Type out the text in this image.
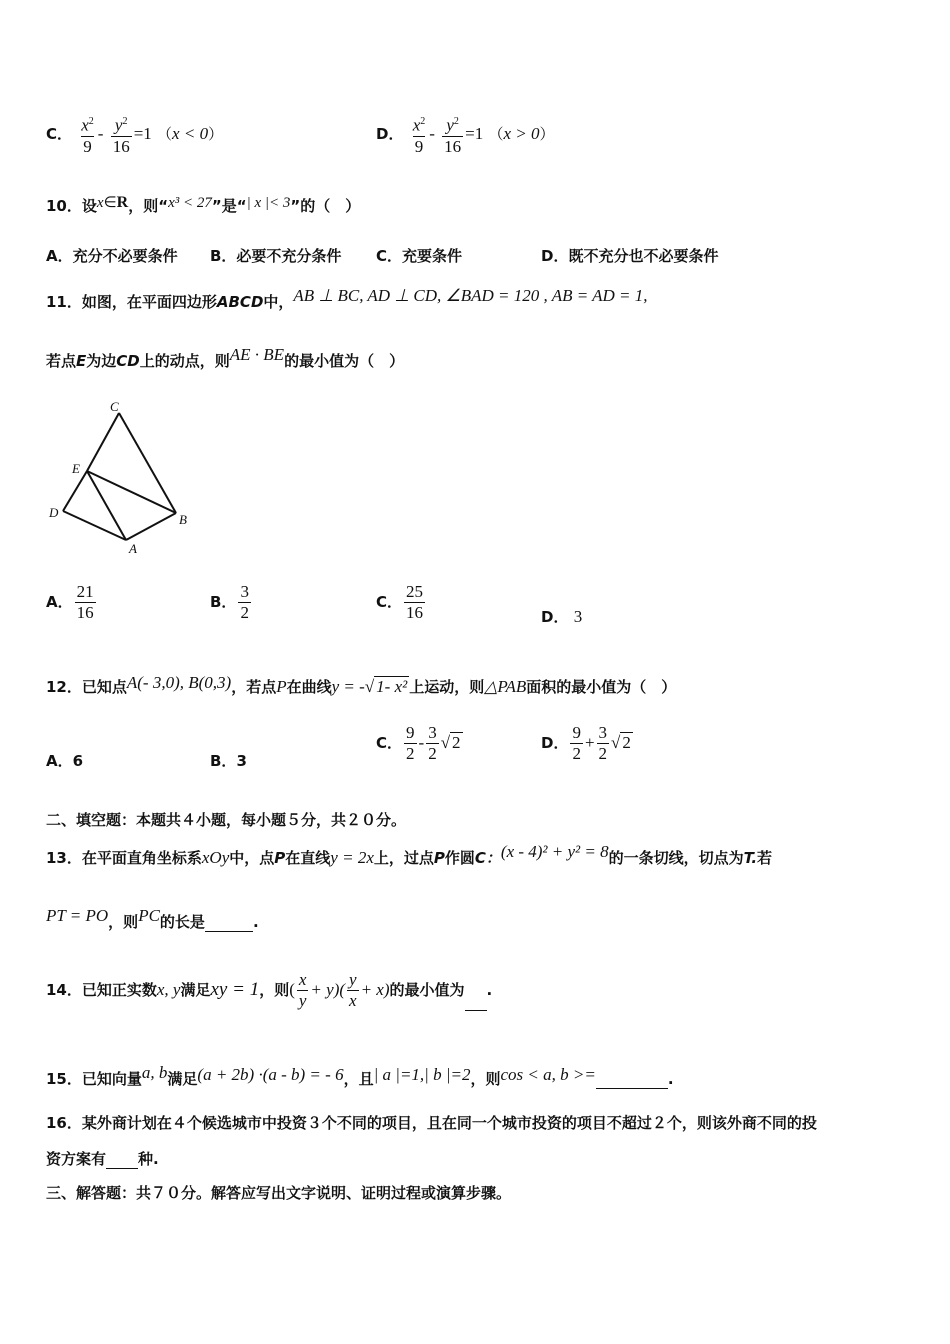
C． $\frac{x^2}{9} - \frac{y^2}{16} =1$ （x < 0）	D． $\frac{x^2}{9} - \frac{y^2}{16} =1$ （x > 0）
10．设x∈R，则“x³ < 27”是“| x |< 3”的（　）
A．充分不必要条件 B．必要不充分条件 C．充要条件	D．既不充分也不必要条件
11．如图，在平面四边形ABCD中，AB ⊥ BC, AD ⊥ CD, ∠BAD = 120 , AB = AD = 1,
若点E为边CD上的动点，则AE · BE的最小值为（　）
C
E
D	B
A
A． $\frac{21}{16}$	B． $\frac{3}{2}$	C． $\frac{25}{16}$	D． 3
12．已知点A(- 3,0), B(0,3)，若点P在曲线y = -√ 1- x² 上运动，则△PAB面积的最小值为（　）
A．6	B．3
C． $\frac{9}{2} - \frac{3}{2}$ √ 2	D． $\frac{9}{2} + \frac{3}{2}$ √ 2
二、填空题：本题共４小题，每小题５分，共２０分。
13．在平面直角坐标系xOy中，点P在直线y = 2x上，过点P作圆C：(x - 4)² + y² = 8的一条切线，切点为T.若
PT = PO，则PC的长是	.
14．已知正实数x, y满足xy = 1，则( $\frac{x}{y} + y)( \frac{y}{x} + x)$的最小值为 .
15．已知向量a, b满足(a + 2b) ·(a - b) = - 6，且| a |=1,| b |=2，则cos < a, b >=	.
16．某外商计划在４个候选城市中投资３个不同的项目，且在同一个城市投资的项目不超过２个，则该外商不同的投
资方案有 种.
三、解答题：共７０分。解答应写出文字说明、证明过程或演算步骤。
